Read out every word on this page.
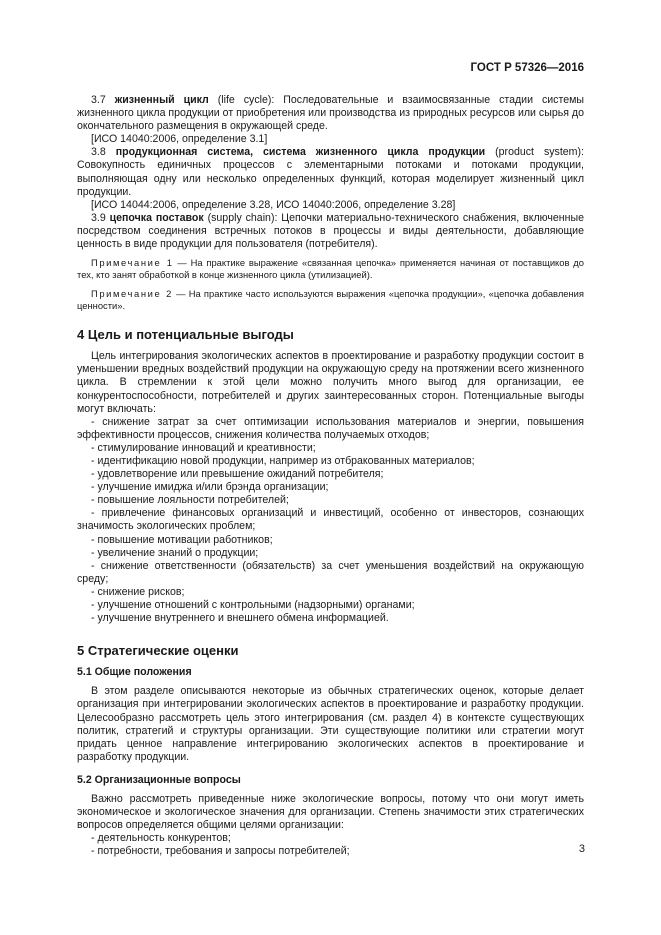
ГОСТ Р 57326—2016

3.7 жизненный цикл (life cycle): Последовательные и взаимосвязанные стадии системы жизненного цикла продукции от приобретения или производства из природных ресурсов или сырья до окончательного размещения в окружающей среде.

[ИСО 14040:2006, определение 3.1]

3.8 продукционная система, система жизненного цикла продукции (product system): Совокупность единичных процессов с элементарными потоками и потоками продукции, выполняющая одну или несколько определенных функций, которая моделирует жизненный цикл продукции.

[ИСО 14044:2006, определение 3.28, ИСО 14040:2006, определение 3.28]

3.9 цепочка поставок (supply chain): Цепочки материально-технического снабжения, включенные посредством соединения встречных потоков в процессы и виды деятельности, добавляющие ценность в виде продукции для пользователя (потребителя).

Примечание 1 — На практике выражение «связанная цепочка» применяется начиная от поставщиков до тех, кто занят обработкой в конце жизненного цикла (утилизацией).

Примечание 2 — На практике часто используются выражения «цепочка продукции», «цепочка добавления ценности».

4 Цель и потенциальные выгоды

Цель интегрирования экологических аспектов в проектирование и разработку продукции состоит в уменьшении вредных воздействий продукции на окружающую среду на протяжении всего жизненного цикла. В стремлении к этой цели можно получить много выгод для организации, ее конкурентоспособности, потребителей и других заинтересованных сторон. Потенциальные выгоды могут включать:

- снижение затрат за счет оптимизации использования материалов и энергии, повышения эффективности процессов, снижения количества получаемых отходов;

- стимулирование инноваций и креативности;

- идентификацию новой продукции, например из отбракованных материалов;

- удовлетворение или превышение ожиданий потребителя;

- улучшение имиджа и/или брэнда организации;

- повышение лояльности потребителей;

- привлечение финансовых организаций и инвестиций, особенно от инвесторов, сознающих значимость экологических проблем;

- повышение мотивации работников;

- увеличение знаний о продукции;

- снижение ответственности (обязательств) за счет уменьшения воздействий на окружающую среду;

- снижение рисков;

- улучшение отношений с контрольными (надзорными) органами;

- улучшение внутреннего и внешнего обмена информацией.

5 Стратегические оценки
5.1 Общие положения

В этом разделе описываются некоторые из обычных стратегических оценок, которые делает организация при интегрировании экологических аспектов в проектирование и разработку продукции. Целесообразно рассмотреть цель этого интегрирования (см. раздел 4) в контексте существующих политик, стратегий и структуры организации. Эти существующие политики или стратегии могут придать ценное направление интегрированию экологических аспектов в проектирование и разработку продукции.

5.2 Организационные вопросы

Важно рассмотреть приведенные ниже экологические вопросы, потому что они могут иметь экономическое и экологическое значения для организации. Степень значимости этих стратегических вопросов определяется общими целями организации:

- деятельность конкурентов;

- потребности, требования и запросы потребителей;	3
